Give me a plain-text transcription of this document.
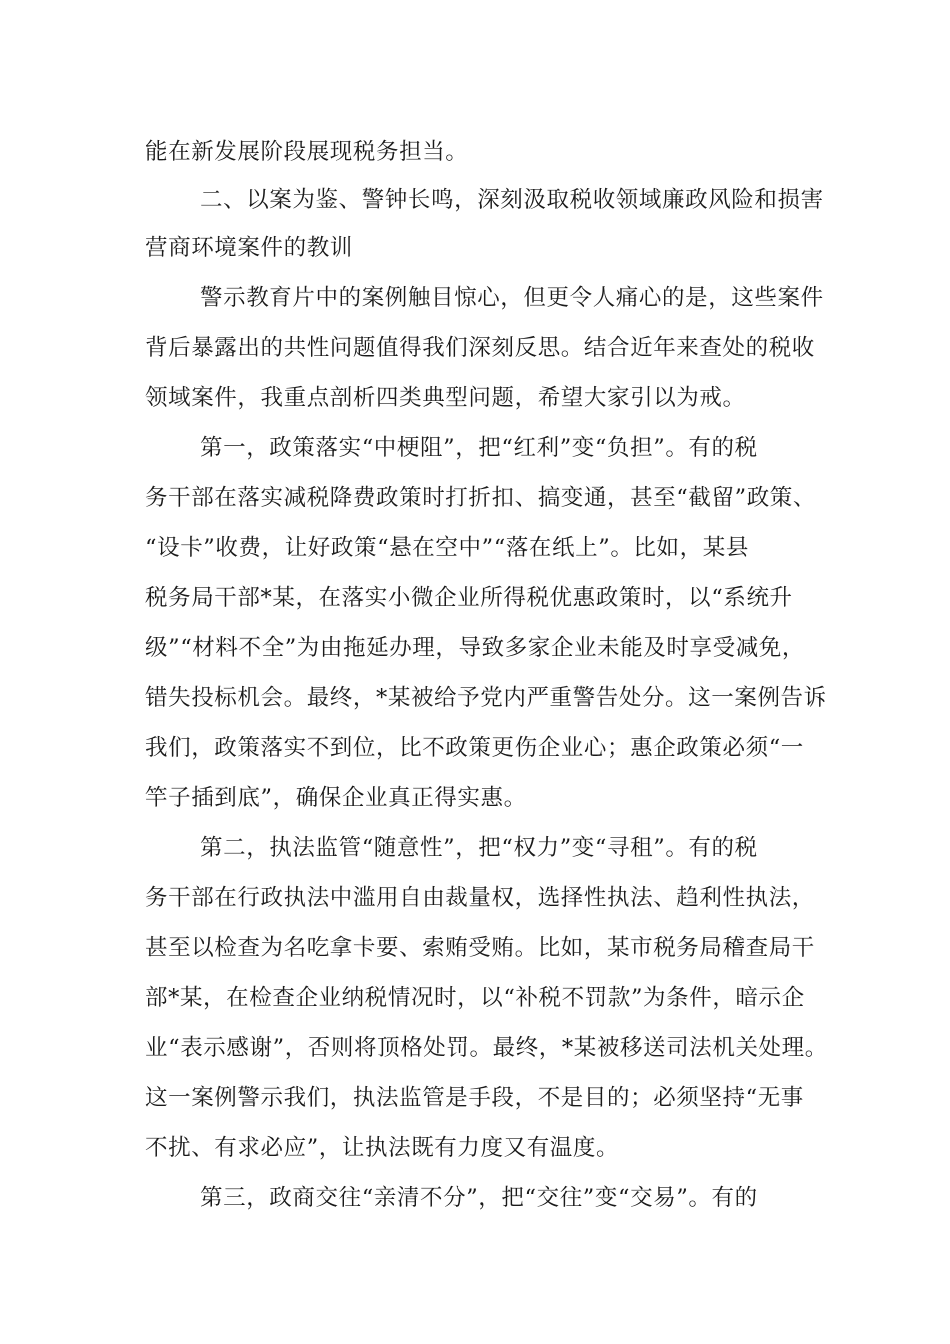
能在新发展阶段展现税务担当。
二、以案为鉴、警钟长鸣，深刻汲取税收领域廉政风险和损害
营商环境案件的教训
警示教育片中的案例触目惊心，但更令人痛心的是，这些案件
背后暴露出的共性问题值得我们深刻反思。结合近年来查处的税收
领域案件，我重点剖析四类典型问题，希望大家引以为戒。
第一，政策落实“中梗阻”，把“红利”变“负担”。有的税
务干部在落实减税降费政策时打折扣、搞变通，甚至“截留”政策、
“设卡”收费，让好政策“悬在空中”“落在纸上”。比如，某县
税务局干部*某，在落实小微企业所得税优惠政策时，以“系统升
级”“材料不全”为由拖延办理，导致多家企业未能及时享受减免，
错失投标机会。最终，*某被给予党内严重警告处分。这一案例告诉
我们，政策落实不到位，比不政策更伤企业心；惠企政策必须“一
竿子插到底”，确保企业真正得实惠。
第二，执法监管“随意性”，把“权力”变“寻租”。有的税
务干部在行政执法中滥用自由裁量权，选择性执法、趋利性执法，
甚至以检查为名吃拿卡要、索贿受贿。比如，某市税务局稽查局干
部*某，在检查企业纳税情况时，以“补税不罚款”为条件，暗示企
业“表示感谢”，否则将顶格处罚。最终，*某被移送司法机关处理。
这一案例警示我们，执法监管是手段，不是目的；必须坚持“无事
不扰、有求必应”，让执法既有力度又有温度。
第三，政商交往“亲清不分”，把“交往”变“交易”。有的
